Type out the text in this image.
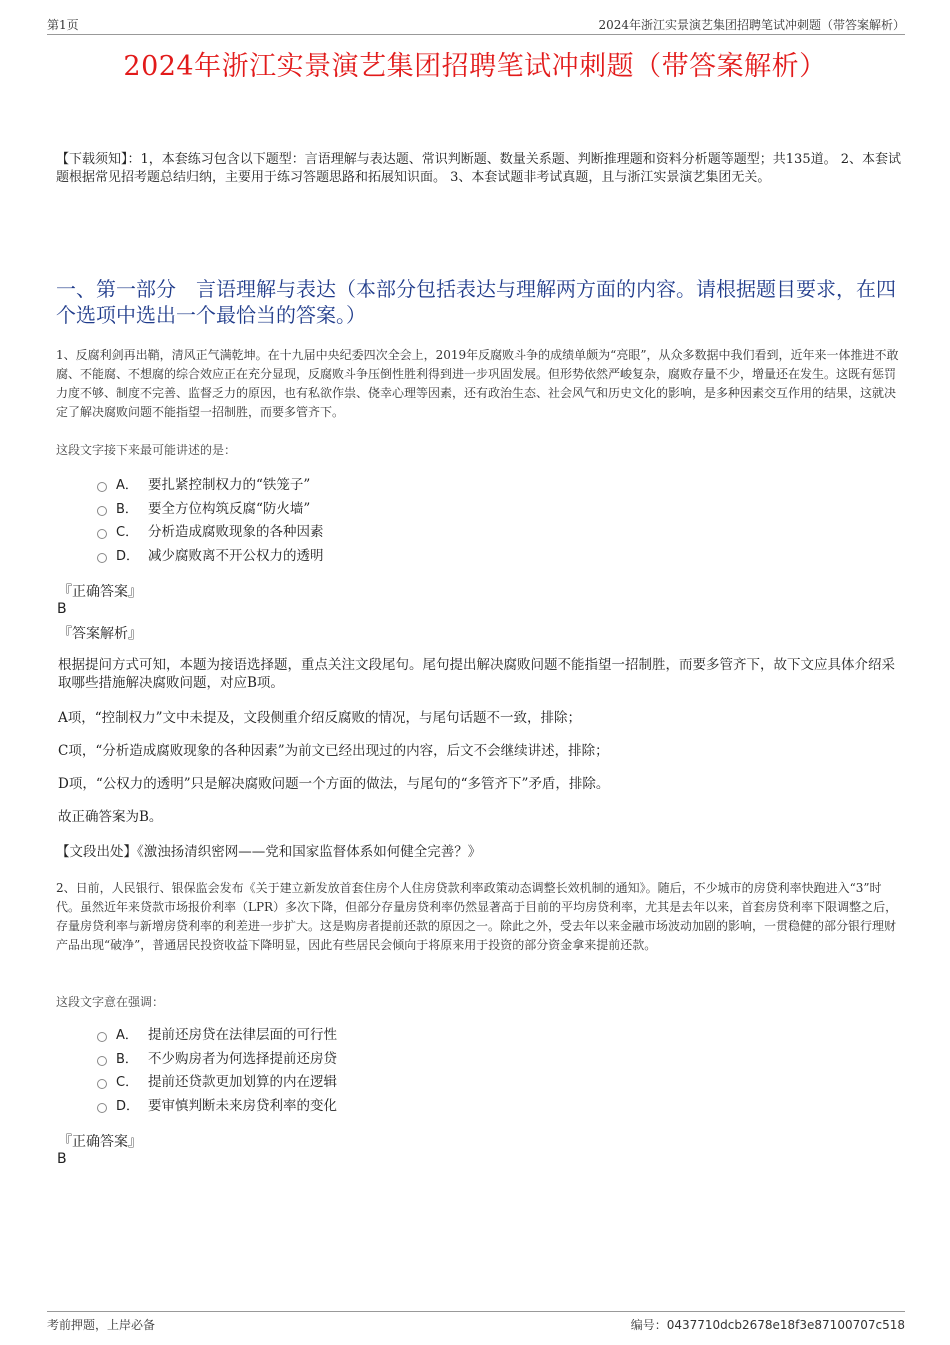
第1页	2024年浙江实景演艺集团招聘笔试冲刺题（带答案解析）
2024年浙江实景演艺集团招聘笔试冲刺题（带答案解析）
【下载须知】：1，本套练习包含以下题型：言语理解与表达题、常识判断题、数量关系题、判断推理题和资料分析题等题型；共135道。 2、本套试题根据常见招考题总结归纳，主要用于练习答题思路和拓展知识面。 3、本套试题非考试真题，且与浙江实景演艺集团无关。
一、第一部分　言语理解与表达（本部分包括表达与理解两方面的内容。请根据题目要求，在四个选项中选出一个最恰当的答案。）
1、反腐利剑再出鞘，清风正气满乾坤。在十九届中央纪委四次全会上，2019年反腐败斗争的成绩单颇为“亮眼”，从众多数据中我们看到，近年来一体推进不敢腐、不能腐、不想腐的综合效应正在充分显现，反腐败斗争压倒性胜利得到进一步巩固发展。但形势依然严峻复杂，腐败存量不少，增量还在发生。这既有惩罚力度不够、制度不完善、监督乏力的原因，也有私欲作祟、侥幸心理等因素，还有政治生态、社会风气和历史文化的影响，是多种因素交互作用的结果，这就决定了解决腐败问题不能指望一招制胜，而要多管齐下。
这段文字接下来最可能讲述的是：
A． 要扎紧控制权力的“铁笼子”
B． 要全方位构筑反腐“防火墙”
C． 分析造成腐败现象的各种因素
D． 减少腐败离不开公权力的透明
『正确答案』
B
『答案解析』
根据提问方式可知，本题为接语选择题，重点关注文段尾句。尾句提出解决腐败问题不能指望一招制胜，而要多管齐下，故下文应具体介绍采取哪些措施解决腐败问题，对应B项。
A项，“控制权力”文中未提及，文段侧重介绍反腐败的情况，与尾句话题不一致，排除；
C项，“分析造成腐败现象的各种因素”为前文已经出现过的内容，后文不会继续讲述，排除；
D项，“公权力的透明”只是解决腐败问题一个方面的做法，与尾句的“多管齐下”矛盾，排除。
故正确答案为B。
【文段出处】《激浊扬清织密网——党和国家监督体系如何健全完善？》
2、日前，人民银行、银保监会发布《关于建立新发放首套住房个人住房贷款利率政策动态调整长效机制的通知》。随后，不少城市的房贷利率快跑进入“3”时代。虽然近年来贷款市场报价利率（LPR）多次下降，但部分存量房贷利率仍然显著高于目前的平均房贷利率，尤其是去年以来，首套房贷利率下限调整之后，存量房贷利率与新增房贷利率的利差进一步扩大。这是购房者提前还款的原因之一。除此之外，受去年以来金融市场波动加剧的影响，一贯稳健的部分银行理财产品出现“破净”，普通居民投资收益下降明显，因此有些居民会倾向于将原来用于投资的部分资金拿来提前还款。
这段文字意在强调：
A． 提前还房贷在法律层面的可行性
B． 不少购房者为何选择提前还房贷
C． 提前还贷款更加划算的内在逻辑
D． 要审慎判断未来房贷利率的变化
『正确答案』
B
考前押题，上岸必备	编号：0437710dcb2678e18f3e87100707c518
